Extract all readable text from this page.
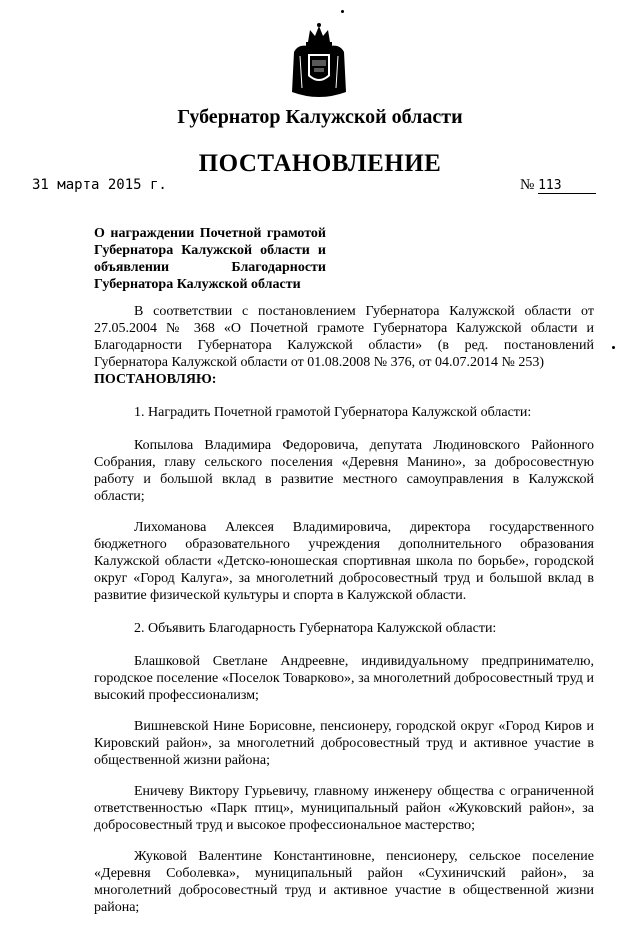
Губернатор Калужской области
ПОСТАНОВЛЕНИЕ
31 марта 2015 г.	№ 113
О награждении Почетной грамотой Губернатора Калужской области и объявлении Благодарности Губернатора Калужской области

В соответствии с постановлением Губернатора Калужской области от 27.05.2004 № 368 «О Почетной грамоте Губернатора Калужской области и Благодарности Губернатора Калужской области» (в ред. постановлений Губернатора Калужской области от 01.08.2008 № 376, от 04.07.2014 № 253)

ПОСТАНОВЛЯЮ:

1. Наградить Почетной грамотой Губернатора Калужской области:

Копылова Владимира Федоровича, депутата Людиновского Районного Собрания, главу сельского поселения «Деревня Манино», за добросовестную работу и большой вклад в развитие местного самоуправления в Калужской области;

Лихоманова Алексея Владимировича, директора государственного бюджетного образовательного учреждения дополнительного образования Калужской области «Детско-юношеская спортивная школа по борьбе», городской округ «Город Калуга», за многолетний добросовестный труд и большой вклад в развитие физической культуры и спорта в Калужской области.

2. Объявить Благодарность Губернатора Калужской области:

Блашковой Светлане Андреевне, индивидуальному предпринимателю, городское поселение «Поселок Товарково», за многолетний добросовестный труд и высокий профессионализм;

Вишневской Нине Борисовне, пенсионеру, городской округ «Город Киров и Кировский район», за многолетний добросовестный труд и активное участие в общественной жизни района;

Еничеву Виктору Гурьевичу, главному инженеру общества с ограниченной ответственностью «Парк птиц», муниципальный район «Жуковский район», за добросовестный труд и высокое профессиональное мастерство;

Жуковой Валентине Константиновне, пенсионеру, сельское поселение «Деревня Соболевка», муниципальный район «Сухиничский район», за многолетний добросовестный труд и активное участие в общественной жизни района;
